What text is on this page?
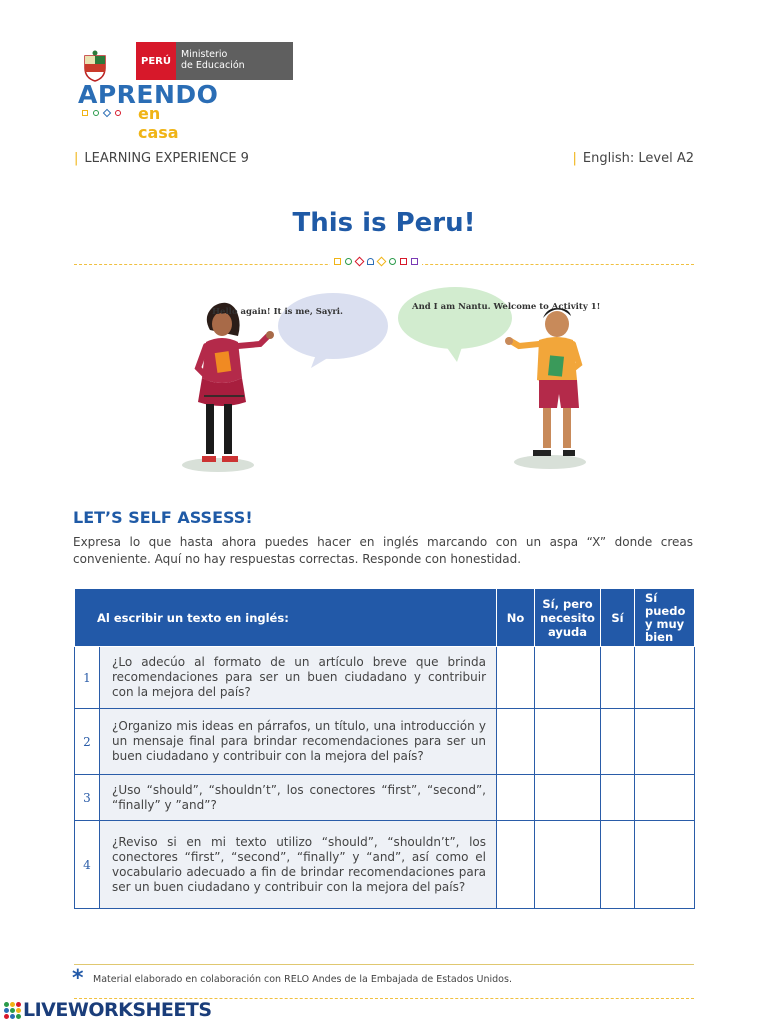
PERÚ
Ministerio
de Educación
APRENDO
en casa
| LEARNING EXPERIENCE 9	| English: Level A2
This is Peru!
Hello again! It is me, Sayri.	And I am Nantu. Welcome to Activity 1!
LET’S SELF ASSESS!
Expresa lo que hasta ahora puedes hacer en inglés marcando con un aspa “X” donde creas conveniente. Aquí no hay respuestas correctas. Responde con honestidad.
Al escribir un texto en inglés:		No	Sí, pero necesito ayuda	Sí	Sí puedo y muy bien
1	¿Lo adecúo al formato de un artículo breve que brinda recomendaciones para ser un buen ciudadano y contribuir con la mejora del país?				
2	¿Organizo mis ideas en párrafos, un título, una introducción y un mensaje final para brindar recomendaciones para ser un buen ciudadano y contribuir con la mejora del país?				
3	¿Uso “should”, “shouldn’t”, los conectores “first”, “second”, “finally” y ”and”?				
4	¿Reviso si en mi texto utilizo “should”, “shouldn’t”, los conectores “first”, “second”, “finally” y “and”, así como el vocabulario adecuado a fin de brindar recomendaciones para ser un buen ciudadano y contribuir con la mejora del país?				
* Material elaborado en colaboración con RELO Andes de la Embajada de Estados Unidos.
LIVEWORKSHEETS
